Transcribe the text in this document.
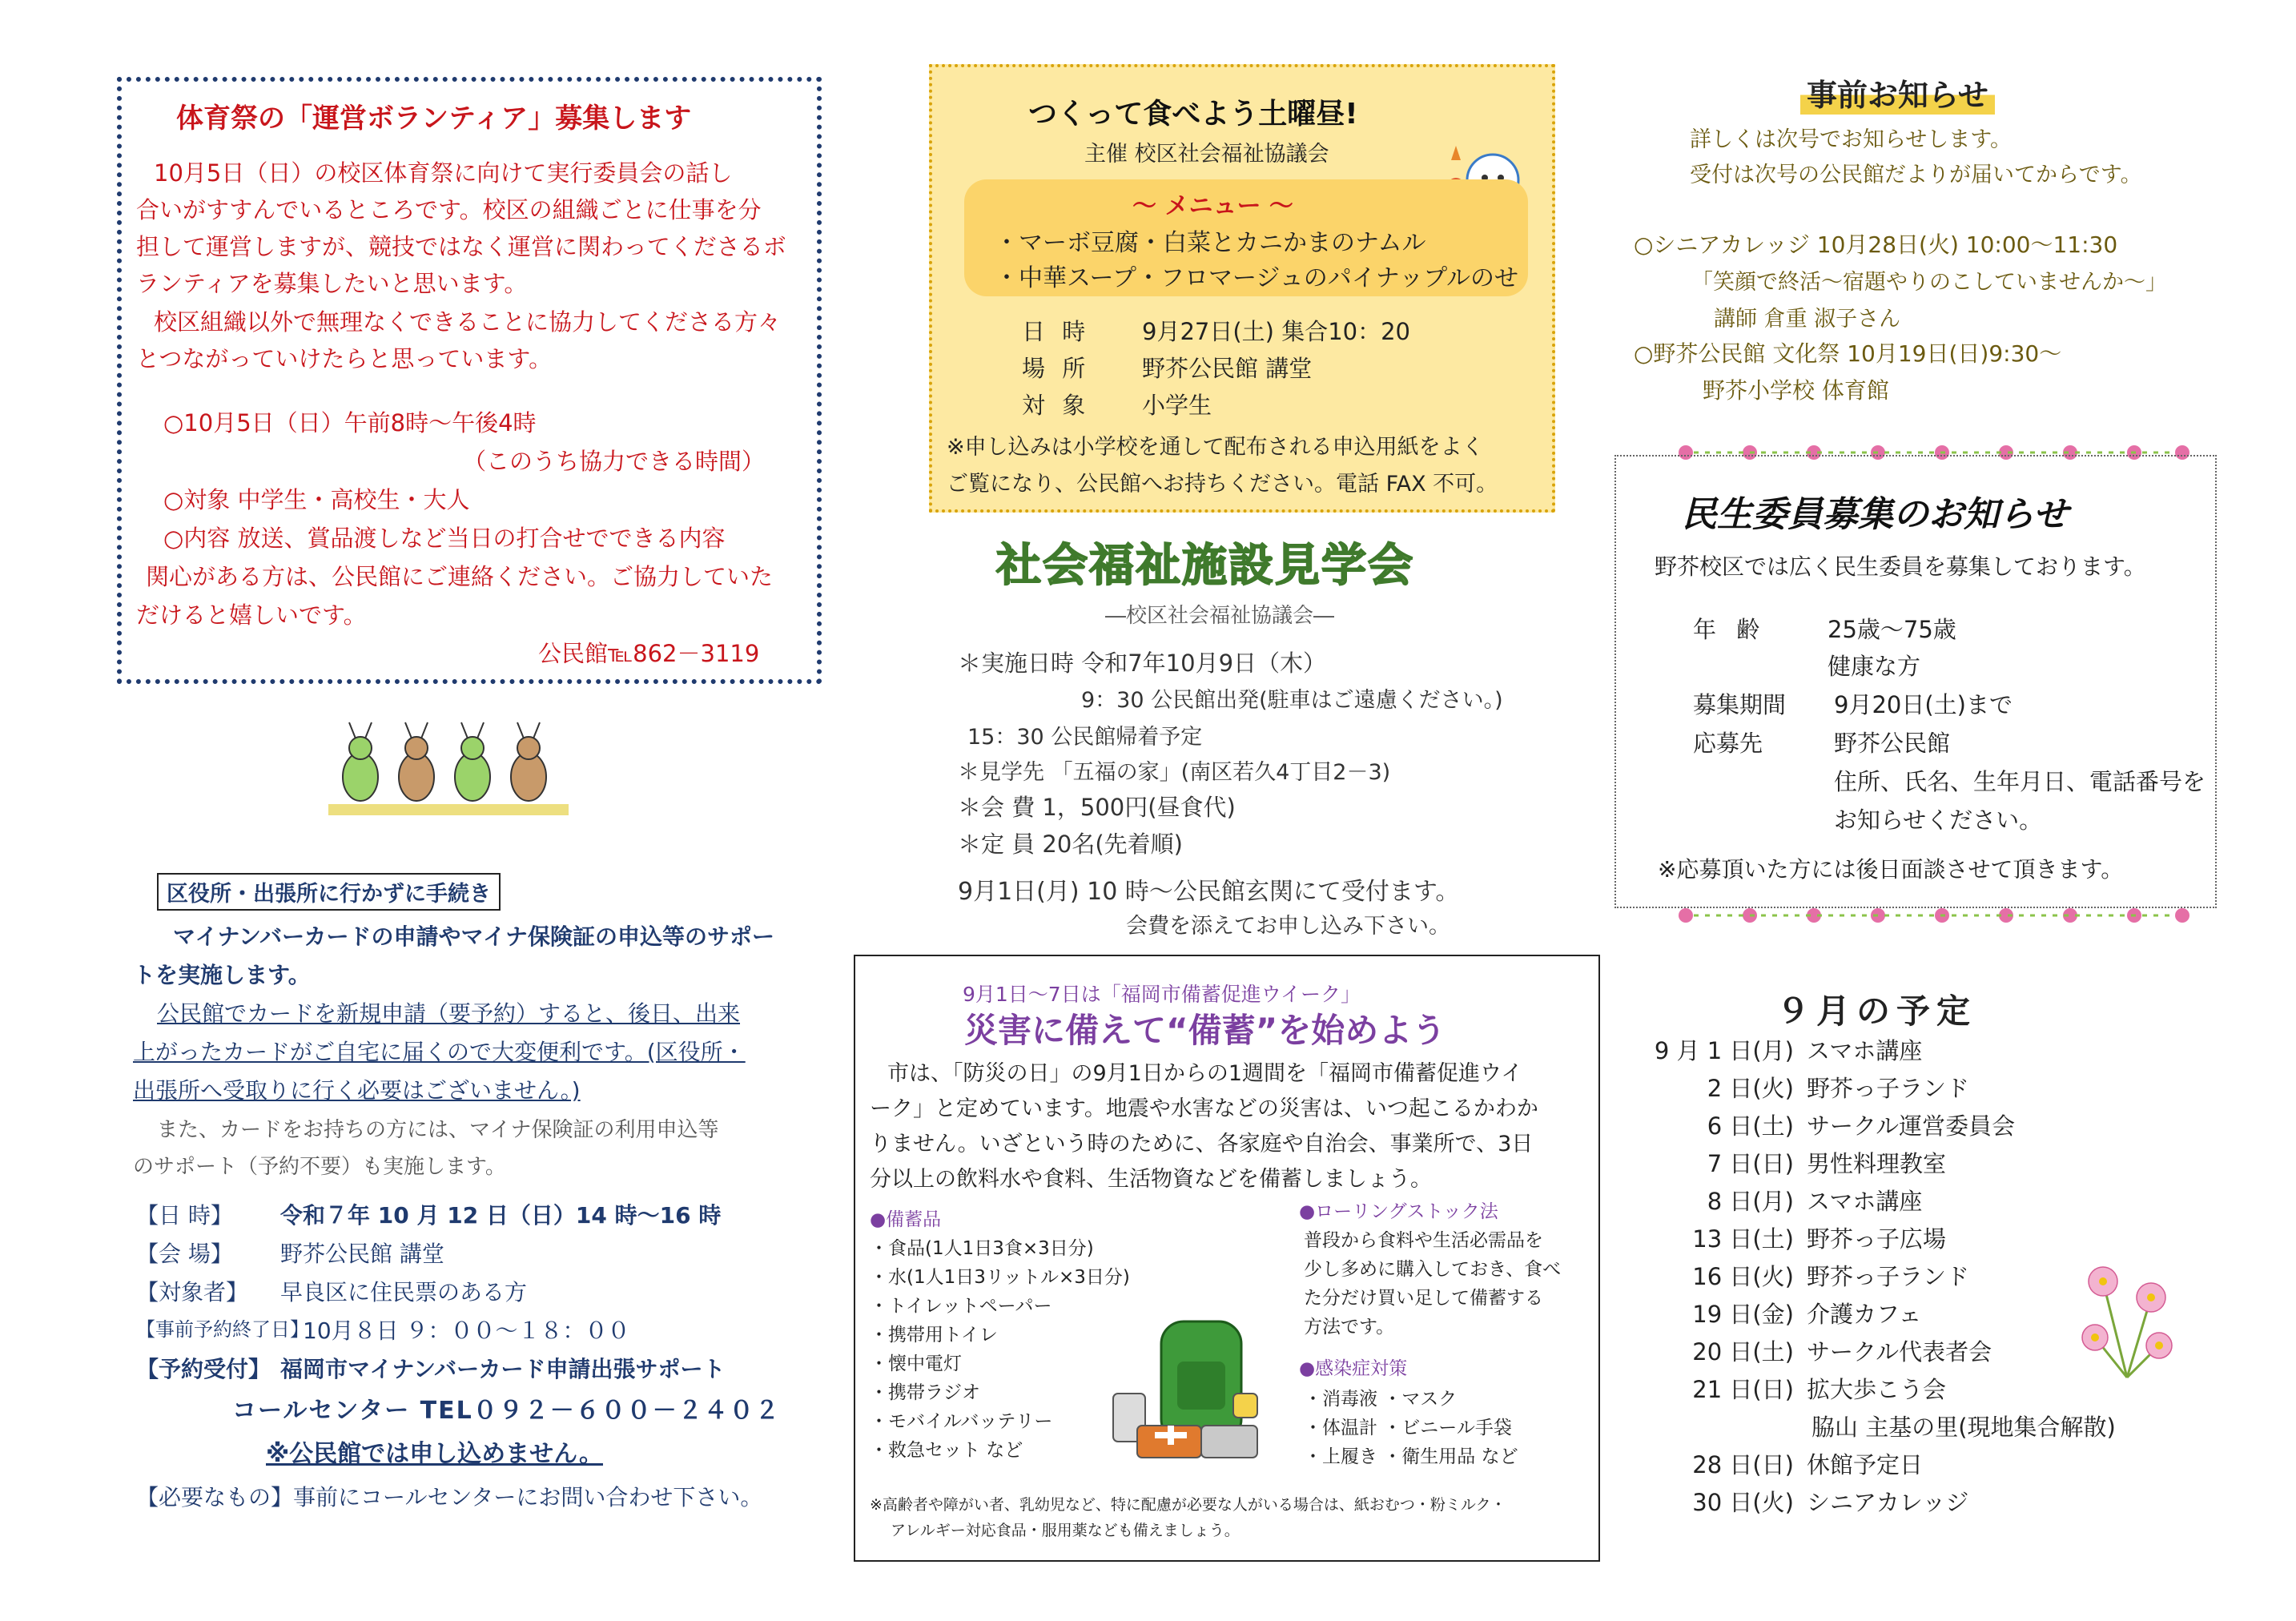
体育祭の「運営ボランティア」募集します
10月5日（日）の校区体育祭に向けて実行委員会の話し
合いがすすんでいるところです。校区の組織ごとに仕事を分
担して運営しますが、競技ではなく運営に関わってくださるボ
ランティアを募集したいと思います。
校区組織以外で無理なくできることに協力してくださる方々
とつながっていけたらと思っています。
○10月5日（日）午前8時～午後4時
（このうち協力できる時間）
○対象 中学生・高校生・大人
○内容 放送、賞品渡しなど当日の打合せでできる内容
関心がある方は、公民館にご連絡ください。ご協力していた
だけると嬉しいです。
公民館℡862－3119
区役所・出張所に行かずに手続き
マイナンバーカードの申請やマイナ保険証の申込等のサポー
トを実施します。
公民館でカードを新規申請（要予約）すると、後日、出来
上がったカードがご自宅に届くので大変便利です。(区役所・
出張所へ受取りに行く必要はございません。)
また、カードをお持ちの方には、マイナ保険証の利用申込等
のサポート（予約不要）も実施します。
【日 時】 令和７年 10 月 12 日（日）14 時～16 時
【会 場】 野芥公民館 講堂
【対象者】 早良区に住民票のある方
【事前予約終了日】
10月８日 ９：００～１８：００
【予約受付】 福岡市マイナンバーカード申請出張サポート
コールセンター TEL０９２－６００－２４０２
※公民館では申し込めません。
【必要なもの】事前にコールセンターにお問い合わせ下さい。
つくって食べよう土曜昼!
主催 校区社会福祉協議会
～ メニュー ～
・マーボ豆腐・白菜とカニかまのナムル
・中華スープ・フロマージュのパイナップルのせ
日 時 9月27日(土) 集合10：20
場 所 野芥公民館 講堂
対 象 小学生
※申し込みは小学校を通して配布される申込用紙をよく
ご覧になり、公民館へお持ちください。電話 FAX 不可。
社会福祉施設見学会
―校区社会福祉協議会―
＊実施日時 令和7年10月9日（木）
9：30 公民館出発(駐車はご遠慮ください。)
15：30 公民館帰着予定
＊見学先 「五福の家」(南区若久4丁目2－3)
＊会 費 1，500円(昼食代)
＊定 員 20名(先着順)
9月1日(月) 10 時～公民館玄関にて受付ます。
会費を添えてお申し込み下さい。
9月1日～7日は「福岡市備蓄促進ウイーク」
災害に備えて“備蓄”を始めよう
市は、「防災の日」の9月1日からの1週間を「福岡市備蓄促進ウイ
ーク」と定めています。地震や水害などの災害は、いつ起こるかわか
りません。いざという時のために、各家庭や自治会、事業所で、3日
分以上の飲料水や食料、生活物資などを備蓄しましょう。
●備蓄品
・食品(1人1日3食×3日分)
・水(1人1日3リットル×3日分)
・トイレットペーパー
・携帯用トイレ
・懐中電灯
・携帯ラジオ
・モバイルバッテリー
・救急セット など
●ローリングストック法
普段から食料や生活必需品を
少し多めに購入しておき、食べ
た分だけ買い足して備蓄する
方法です。
●感染症対策
・消毒液 ・マスク
・体温計 ・ビニール手袋
・上履き ・衛生用品 など
※高齢者や障がい者、乳幼児など、特に配慮が必要な人がいる場合は、紙おむつ・粉ミルク・
アレルギー対応食品・服用薬なども備えましょう。
事前お知らせ
詳しくは次号でお知らせします。
受付は次号の公民館だよりが届いてからです。
○シニアカレッジ 10月28日(火) 10:00～11:30
「笑顔で終活～宿題やりのこしていませんか～」
講師 倉重 淑子さん
○野芥公民館 文化祭 10月19日(日)9:30～
野芥小学校 体育館
民生委員募集のお知らせ
野芥校区では広く民生委員を募集しております。
年 齢	25歳～75歳
健康な方
募集期間 9月20日(土)まで
応募先	野芥公民館
住所、氏名、生年月日、電話番号を
お知らせください。
※応募頂いた方には後日面談させて頂きます。
９月の予定
9 月 1 日(月) スマホ講座
2 日(火) 野芥っ子ランド
6 日(土) サークル運営委員会
7 日(日) 男性料理教室
8 日(月) スマホ講座
13 日(土) 野芥っ子広場
16 日(火) 野芥っ子ランド
19 日(金) 介護カフェ
20 日(土) サークル代表者会
21 日(日) 拡大歩こう会
脇山 主基の里(現地集合解散)
28 日(日) 休館予定日
30 日(火) シニアカレッジ
